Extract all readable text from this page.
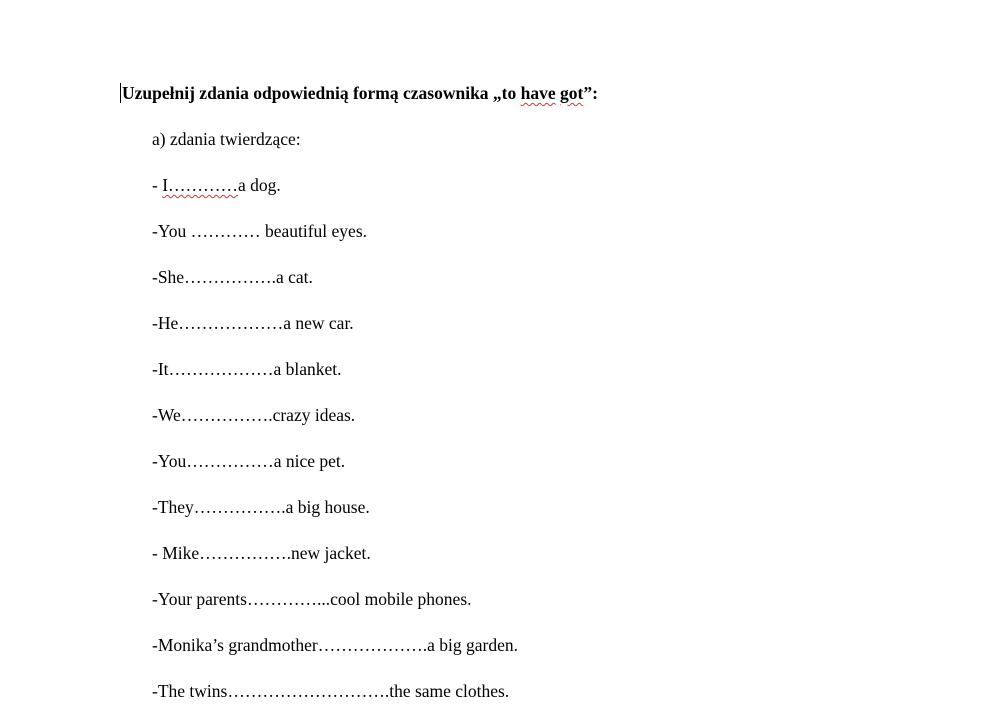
Uzupełnij zdania odpowiednią formą czasownika „to have got”:
a) zdania twierdzące:
- I…………a dog.
-You ………… beautiful eyes.
-She…………….a cat.
-He………………a new car.
-It………………a blanket.
-We…………….crazy ideas.
-You……………a nice pet.
-They…………….a big house.
- Mike…………….new jacket.
-Your parents…………...cool mobile phones.
-Monika’s grandmother……………….a big garden.
-The twins……………………….the same clothes.
